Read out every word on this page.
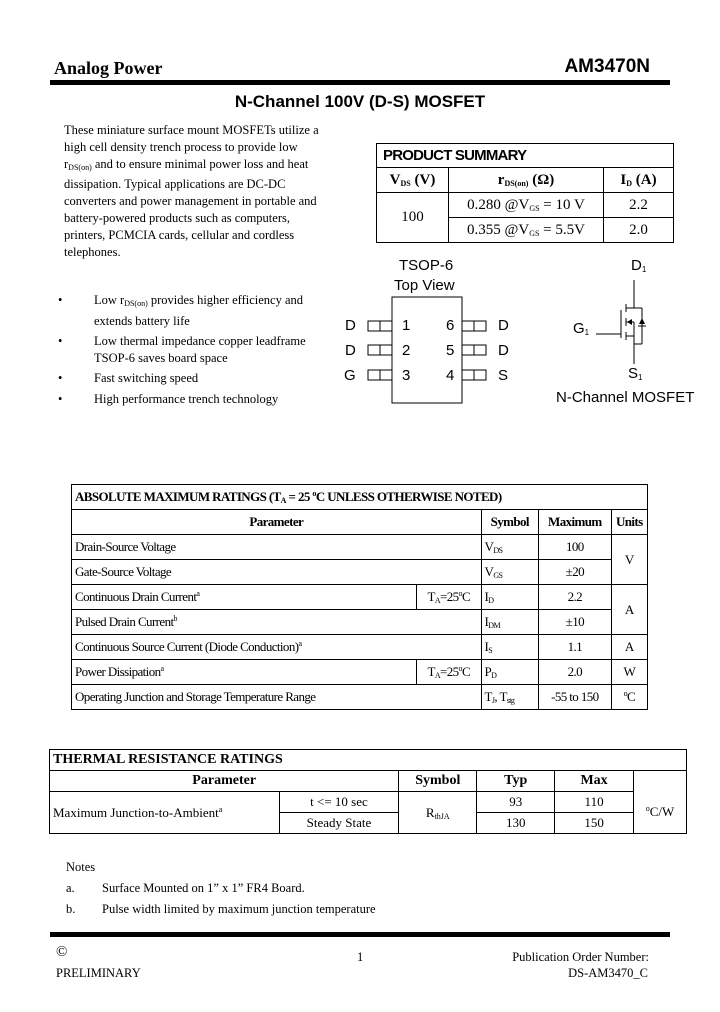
Analog Power	AM3470N
N-Channel 100V (D-S) MOSFET
These miniature surface mount MOSFETs utilize a
high cell density trench process to provide low
$r_{DS(on)}$ and to ensure minimal power loss and heat
dissipation. Typical applications are DC-DC
converters and power management in portable and
battery-powered products such as computers,
printers, PCMCIA cards, cellular and cordless
telephones.
• Low $r_{DS(on)}$ provides higher efficiency and
extends battery life
• Low thermal impedance copper leadframe
TSOP-6 saves board space
• Fast switching speed
• High performance trench technology
PRODUCT SUMMARY		
$V_{DS}$ (V)	$r_{DS(on)}$ (Ω)	$I_D$ (A)
100	0.280 $@V_{GS} = 10$ V	2.2
	0.355 $@V_{GS} = 5.5V$	2.0
TSOP-6
Top View
D
D
G
1
2
3
6
5
4
D
D
S
$D_1$
$G_1$
$S_1$
N-Channel MOSFET
ABSOLUTE MAXIMUM RATINGS ($T_A = 25$ $^o$C UNLESS OTHERWISE NOTED)				
Parameter		Symbol	Maximum	Units
Drain-Source Voltage		$V_{DS}$	100	V
Gate-Source Voltage		$V_{GS}$	±20	
Continuous Drain Current$^a$	$T_A=25^oC$	$I_D$	2.2	A
Pulsed Drain Current$^b$		$I_{DM}$	±10	
Continuous Source Current (Diode Conduction)$^a$		$I_S$	1.1	A
Power Dissipation$^a$	$T_A=25^oC$	$P_D$	2.0	W
Operating Junction and Storage Temperature Range		$T_J$, $T_{stg}$	-55 to 150	$^o$C
THERMAL RESISTANCE RATINGS					
Parameter		Symbol	Typ	Max	
Maximum Junction-to-Ambient$^a$	t <= 10 sec	$R_{thJA}$	93	110	$^o$C/W
	Steady State		130	150	
Notes
a. Surface Mounted on 1” x 1” FR4 Board.
b. Pulse width limited by maximum junction temperature
©
PRELIMINARY
1	Publication Order Number:
DS-AM3470_C
